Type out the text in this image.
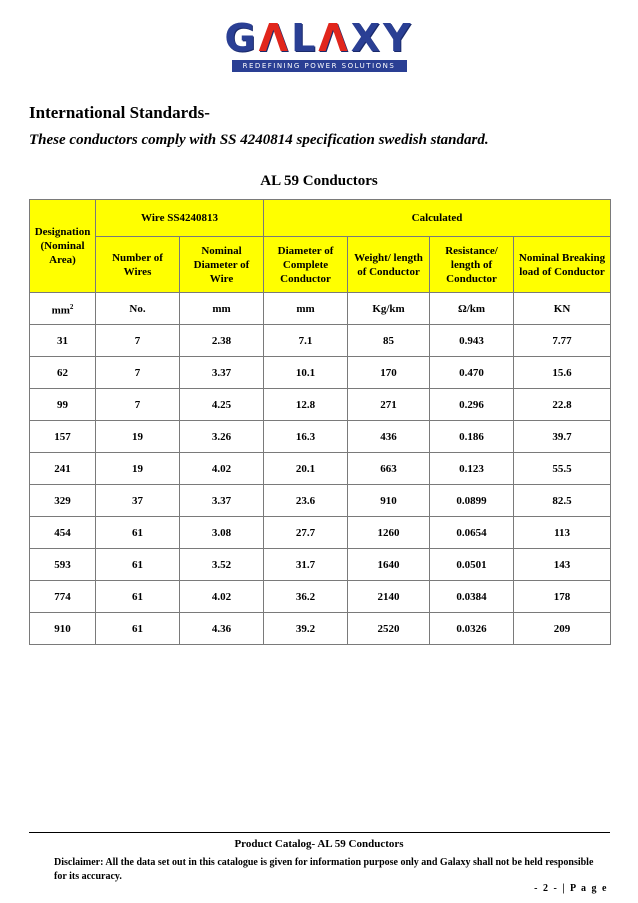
GΛLΛXY
REDEFINING POWER SOLUTIONS
International Standards-

These conductors comply with SS 4240814 specification swedish standard.

AL 59 Conductors
Designation (Nominal Area)	Wire SS4240813		Calculated			
	Number of Wires	Nominal Diameter of Wire	Diameter of Complete Conductor	Weight/ length of Conductor	Resistance/ length of Conductor	Nominal Breaking load of Conductor
$mm^2$	No.	mm	mm	Kg/km	Ω/km	KN
31	7	2.38	7.1	85	0.943	7.77
62	7	3.37	10.1	170	0.470	15.6
99	7	4.25	12.8	271	0.296	22.8
157	19	3.26	16.3	436	0.186	39.7
241	19	4.02	20.1	663	0.123	55.5
329	37	3.37	23.6	910	0.0899	82.5
454	61	3.08	27.7	1260	0.0654	113
593	61	3.52	31.7	1640	0.0501	143
774	61	4.02	36.2	2140	0.0384	178
910	61	4.36	39.2	2520	0.0326	209
Product Catalog- AL 59 Conductors
Disclaimer: All the data set out in this catalogue is given for information purpose only and Galaxy shall not be held responsible for its accuracy.
- 2 - | P a g e
